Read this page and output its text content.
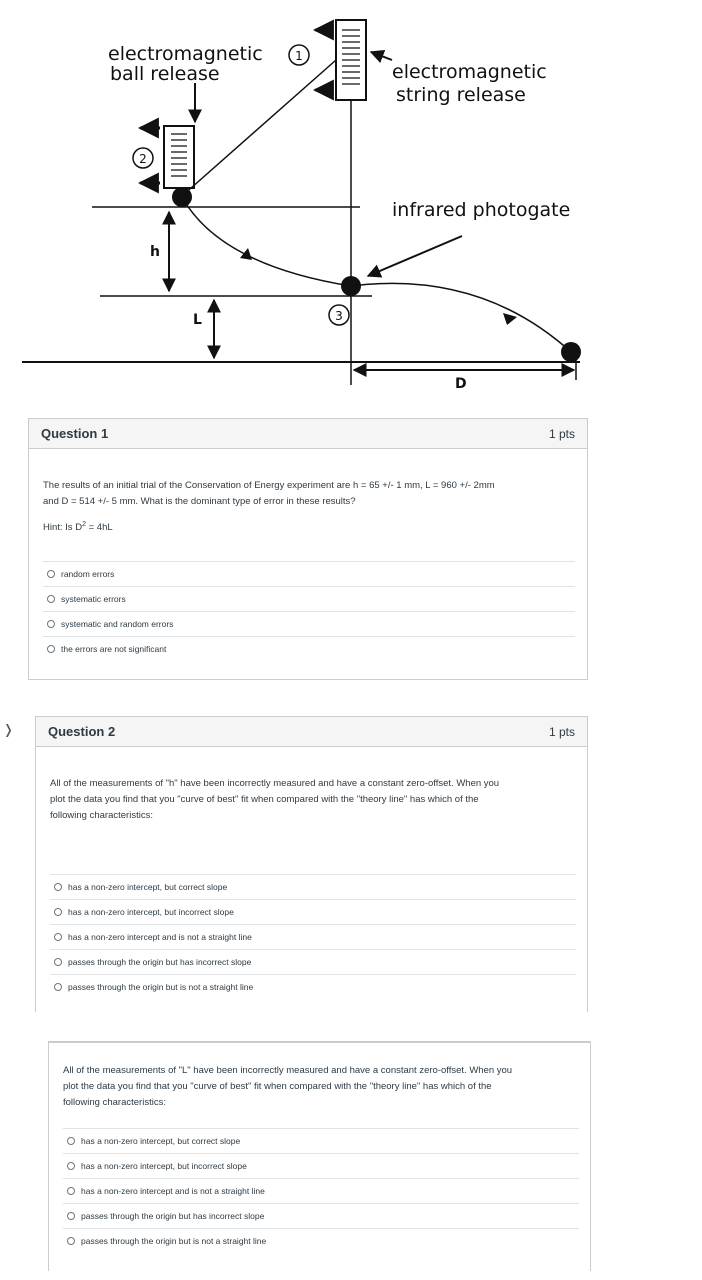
electromagnetic
ball release
1
electromagnetic
string release
infrared photogate
2
h
L	3
D
Question 1	1 pts
The results of an initial trial of the Conservation of Energy experiment are h = 65 +/- 1 mm, L = 960 +/- 2mm
and D = 514 +/- 5 mm. What is the dominant type of error in these results?
Hint: Is $D^2 = 4hL$
random errors
systematic errors
systematic and random errors
the errors are not significant
❭	Question 2	1 pts
All of the measurements of "h" have been incorrectly measured and have a constant zero-offset. When you
plot the data you find that you "curve of best" fit when compared with the "theory line" has which of the
following characteristics:
has a non-zero intercept, but correct slope
has a non-zero intercept, but incorrect slope
has a non-zero intercept and is not a straight line
passes through the origin but has incorrect slope
passes through the origin but is not a straight line
All of the measurements of "L" have been incorrectly measured and have a constant zero-offset. When you
plot the data you find that you "curve of best" fit when compared with the "theory line" has which of the
following characteristics:
has a non-zero intercept, but correct slope
has a non-zero intercept, but incorrect slope
has a non-zero intercept and is not a straight line
passes through the origin but has incorrect slope
passes through the origin but is not a straight line
